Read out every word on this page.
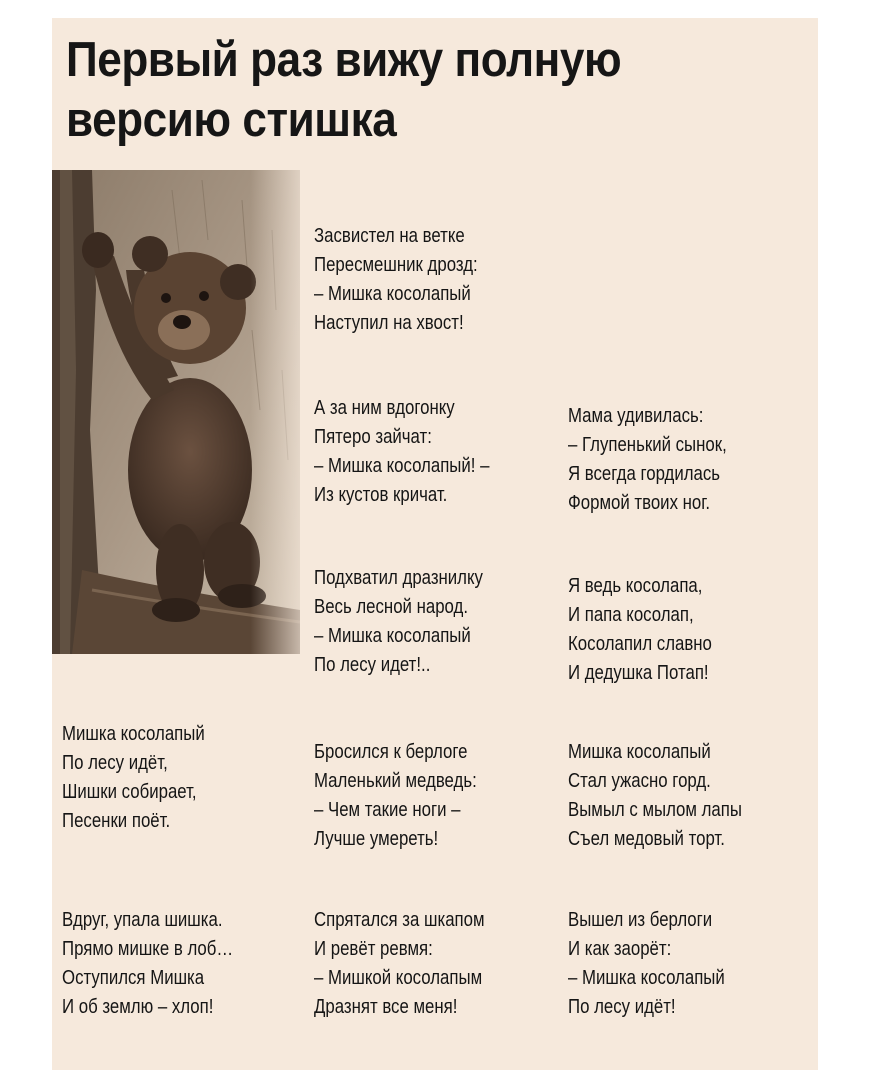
Первый раз вижу полную
версию стишка
Засвистел на ветке
Пересмешник дрозд:
– Мишка косолапый
Наступил на хвост!
А за ним вдогонку
Пятеро зайчат:
– Мишка косолапый! –
Из кустов кричат.
Мама удивилась:
– Глупенький сынок,
Я всегда гордилась
Формой твоих ног.
Подхватил дразнилку
Весь лесной народ.
– Мишка косолапый
По лесу идет!..
Я ведь косолапа,
И папа косолап,
Косолапил славно
И дедушка Потап!
Мишка косолапый
По лесу идёт,
Шишки собирает,
Песенки поёт.
Бросился к берлоге
Маленький медведь:
– Чем такие ноги –
Лучше умереть!
Мишка косолапый
Стал ужасно горд.
Вымыл с мылом лапы
Съел медовый торт.
Вдруг, упала шишка.
Прямо мишке в лоб…
Оступился Мишка
И об землю – хлоп!
Спрятался за шкапом
И ревёт ревмя:
– Мишкой косолапым
Дразнят все меня!
Вышел из берлоги
И как заорёт:
– Мишка косолапый
По лесу идёт!
